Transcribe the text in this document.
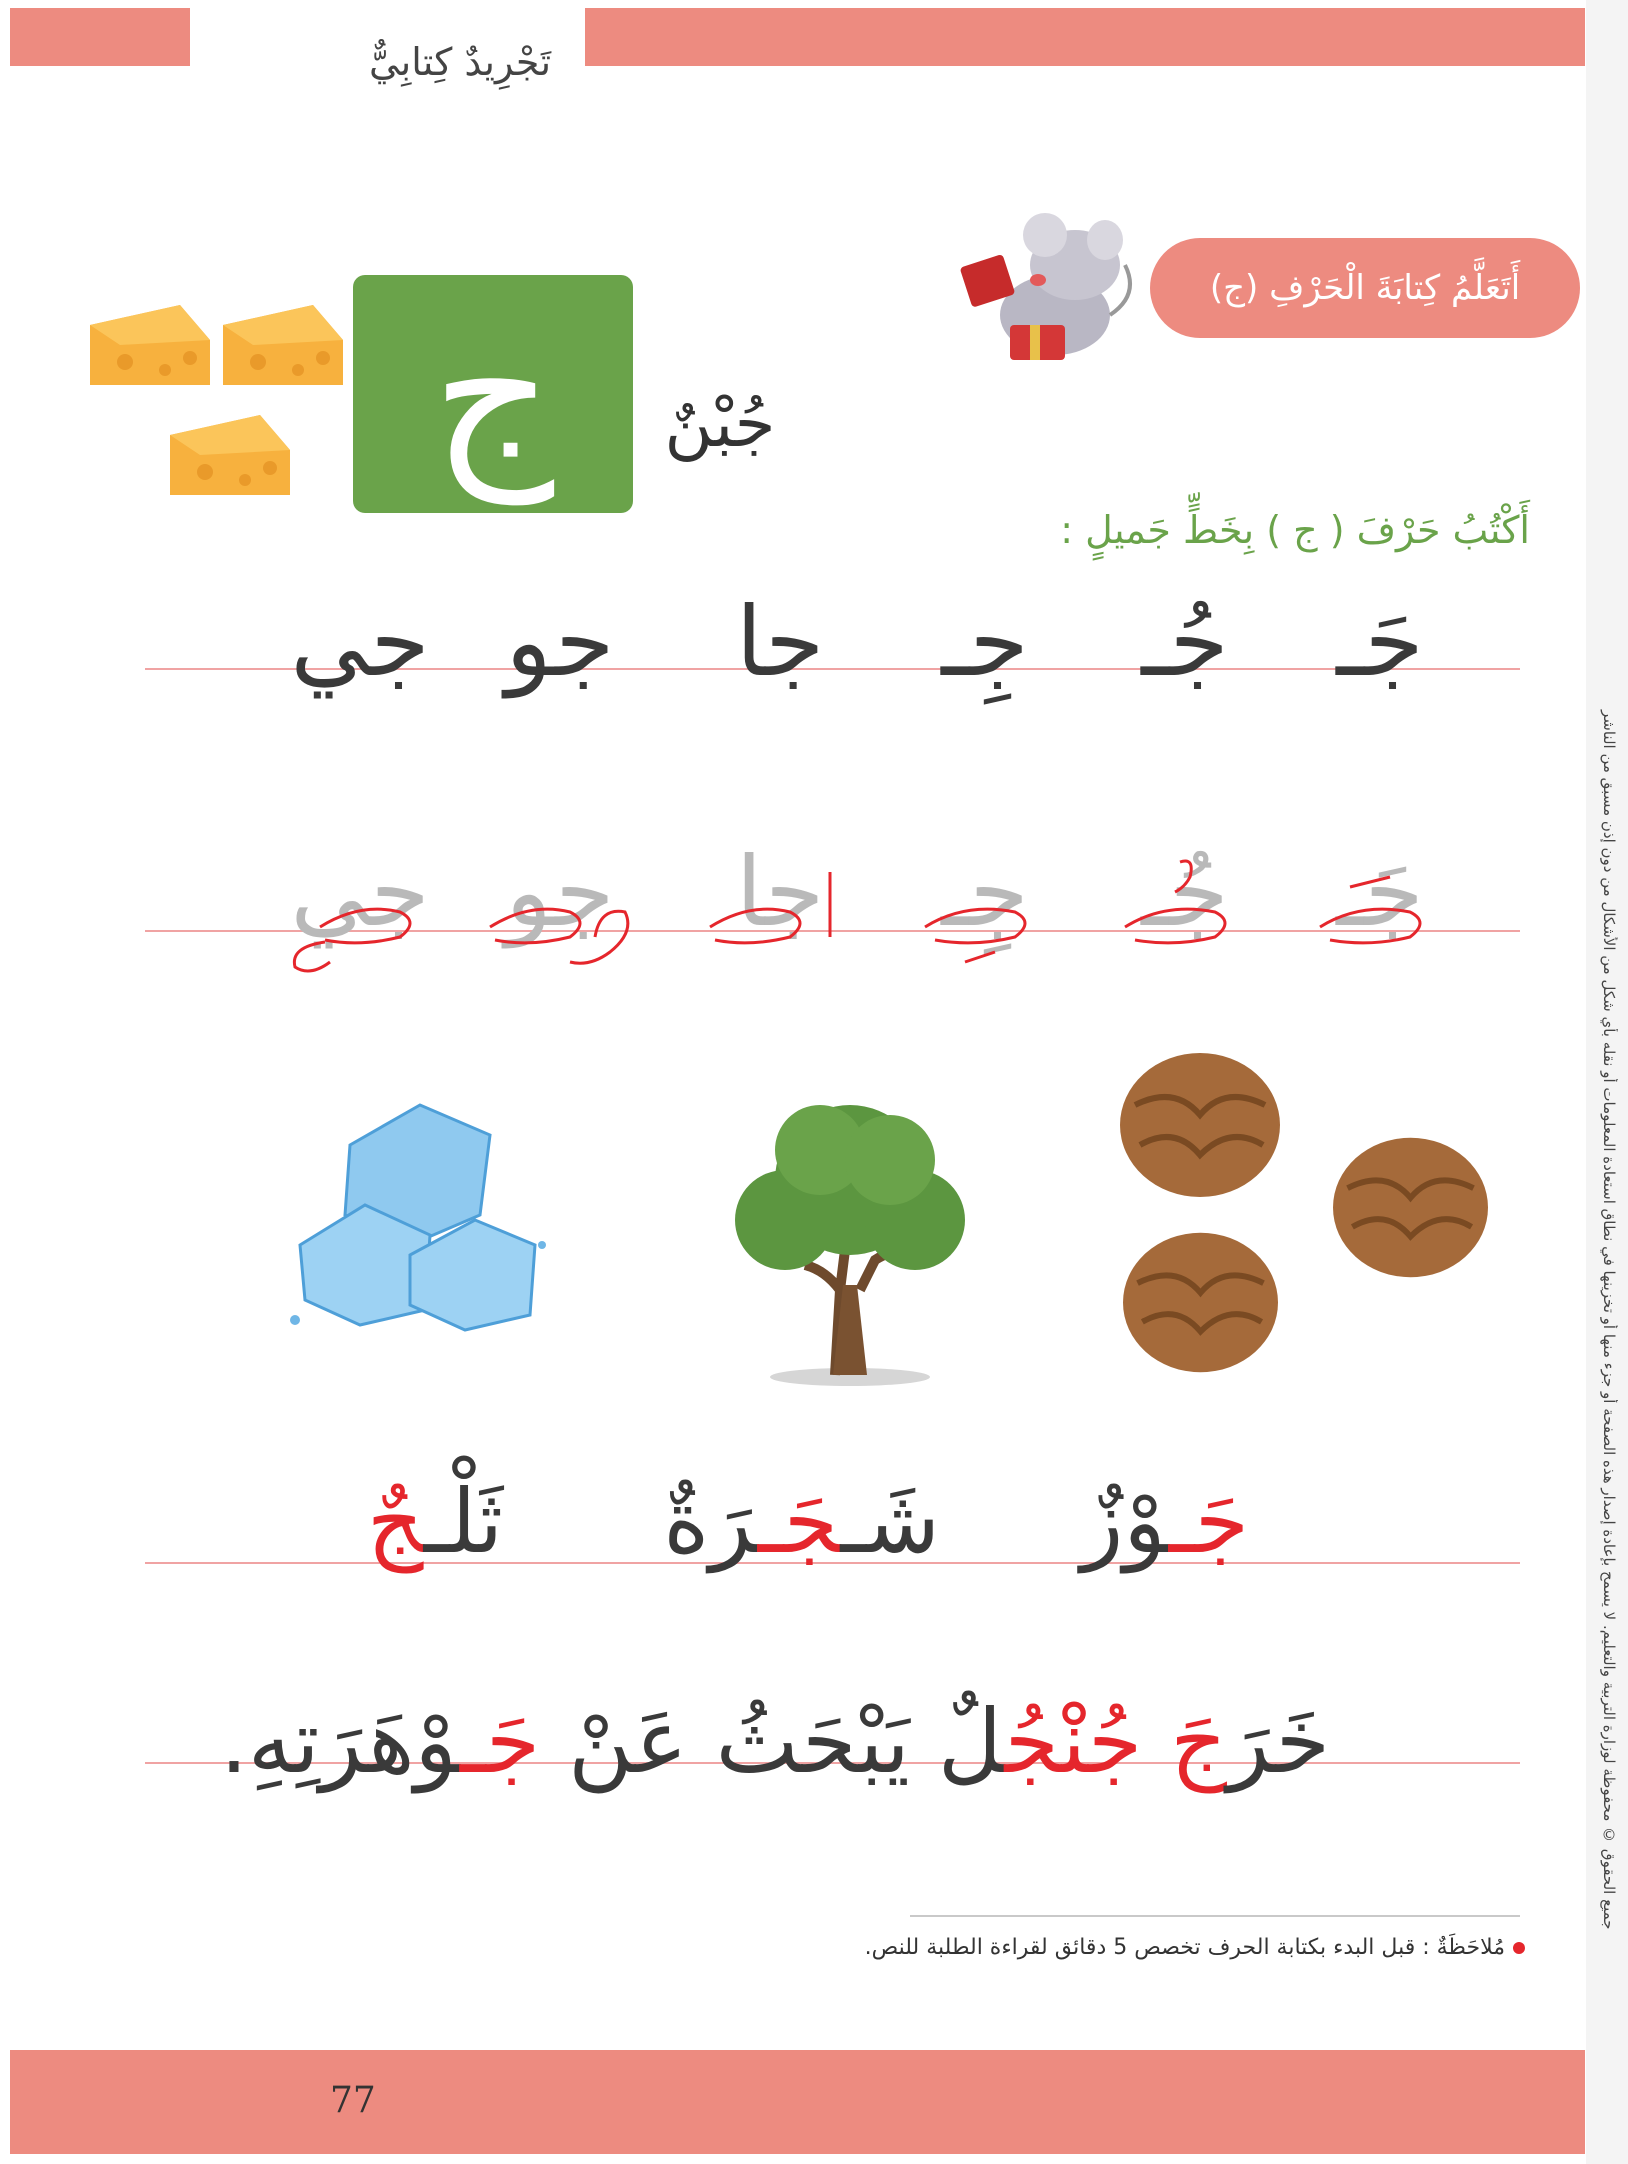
تَجْرِيدٌ كِتابِيٌّ
جميع الحقوق © محفوظة لوزارة التربية والتعليم. لا يسمح بإعادة إصدار هذه الصفحة أو جزء منها أو تخزينها في نطاق استعادة المعلومات أو نقله بأي شكل من الأشكال من دون إذن مسبق من الناشر
أَتَعَلَّمُ كِتابَةَ الْحَرْفِ (ج)
ج جُبْنٌ
أَكْتُبُ حَرْفَ ( ج ) بِخَطٍّ جَميلٍ :
جَـ
جُـ
جِـ
جا
جو
جي
جَـ
جُـ
جِـ
جا
جو
جي
جَـوْزٌ
شَـجَـرَةٌ
ثَلْـجٌ
خَرَجَ جُنْجُلٌ يَبْحَثُ عَنْ جَـوْهَرَتِهِ.
مُلاحَظَةٌ : قبل البدء بكتابة الحرف تخصص 5 دقائق لقراءة الطلبة للنص.
77
